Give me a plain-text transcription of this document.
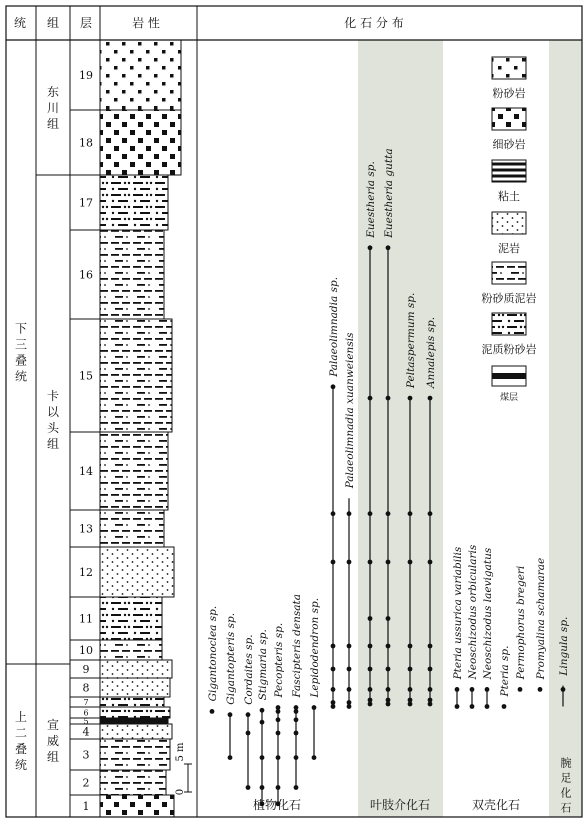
1
2
3
4
5
6
7
8
9
10
11
12
13
14
15
16
17
18
19
下
三
叠
统
上
二
叠
统
东
川
组
卡
以
头
组
宣
威
组
Gigantonoclea sp. Gigantopteris sp. Cordaites sp. Stigmaria sp. Pecopteris sp. Fascipteris densata Lepidodendron sp.
植物化石
Palaeolimnadia sp.
Palaeolimnadia xuanweiensis
Euestheria sp. Euestheria gutta
Peltaspermum sp. Annalepis sp.
叶肢介化石
Pteria ussurica variabilis Neoschizodus orbicularis Neoschizodus laevigatus Pteria sp. Permophorus bregeri Promyalina schamarae
双壳化石
Lingula sp.
腕
足
化
石
粉砂岩
细砂岩
粘土
泥岩
粉砂质泥岩
泥质粉砂岩
煤层
统 组 层	岩 性	化 石 分 布
5 m
0
